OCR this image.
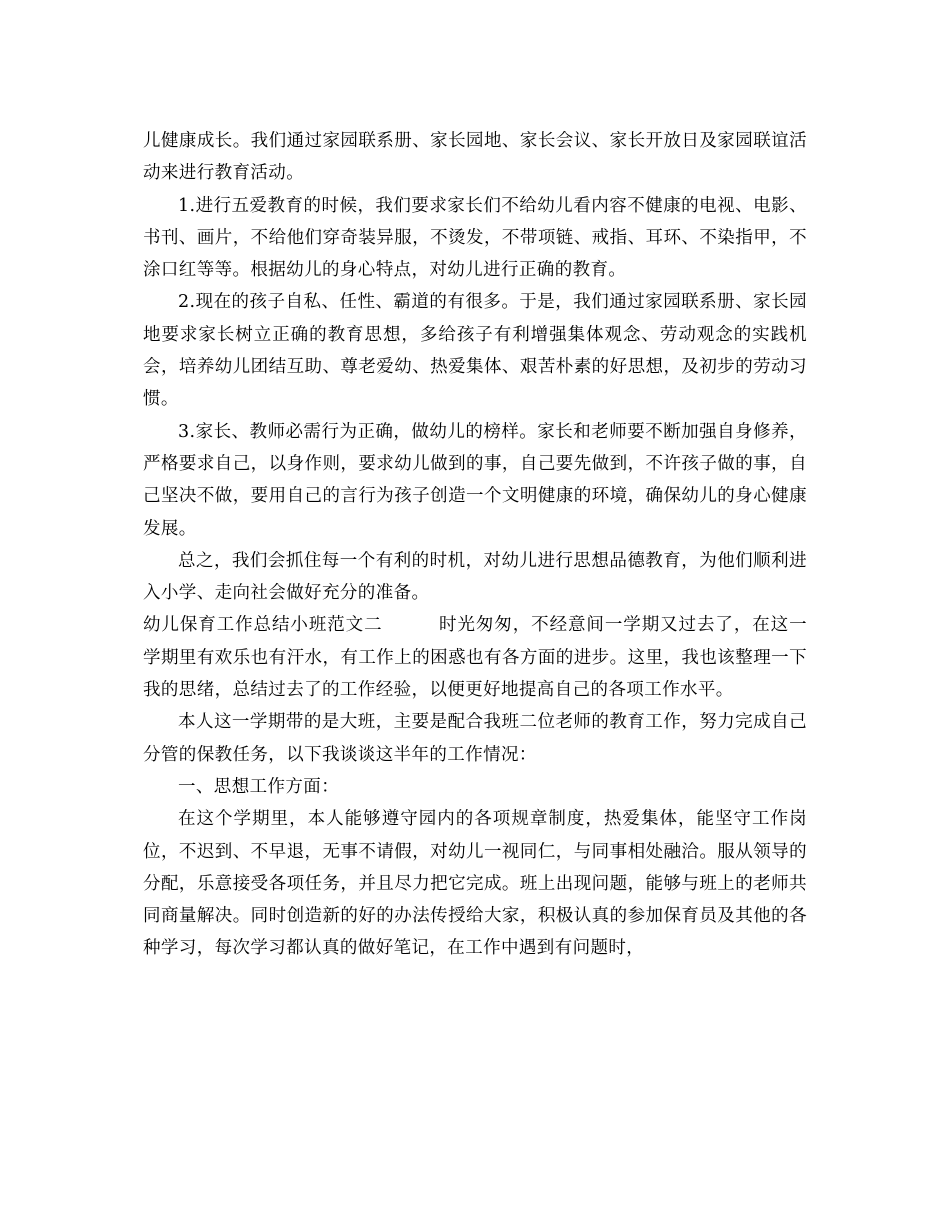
儿健康成长。我们通过家园联系册、家长园地、家长会议、家长开放日及家园联谊活动来进行教育活动。

1.进行五爱教育的时候，我们要求家长们不给幼儿看内容不健康的电视、电影、书刊、画片，不给他们穿奇装异服，不烫发，不带项链、戒指、耳环、不染指甲，不涂口红等等。根据幼儿的身心特点，对幼儿进行正确的教育。

2.现在的孩子自私、任性、霸道的有很多。于是，我们通过家园联系册、家长园地要求家长树立正确的教育思想，多给孩子有利增强集体观念、劳动观念的实践机会，培养幼儿团结互助、尊老爱幼、热爱集体、艰苦朴素的好思想，及初步的劳动习惯。

3.家长、教师必需行为正确，做幼儿的榜样。家长和老师要不断加强自身修养，严格要求自己，以身作则，要求幼儿做到的事，自己要先做到，不许孩子做的事，自己坚决不做，要用自己的言行为孩子创造一个文明健康的环境，确保幼儿的身心健康发展。

总之，我们会抓住每一个有利的时机，对幼儿进行思想品德教育，为他们顺利进入小学、走向社会做好充分的准备。

幼儿保育工作总结小班范文二	时光匆匆，不经意间一学期又过去了，在这一学期里有欢乐也有汗水，有工作上的困惑也有各方面的进步。这里，我也该整理一下我的思绪，总结过去了的工作经验，以便更好地提高自己的各项工作水平。

本人这一学期带的是大班，主要是配合我班二位老师的教育工作，努力完成自己分管的保教任务，以下我谈谈这半年的工作情况：

一、思想工作方面：

在这个学期里，本人能够遵守园内的各项规章制度，热爱集体，能坚守工作岗位，不迟到、不早退，无事不请假，对幼儿一视同仁，与同事相处融洽。服从领导的分配，乐意接受各项任务，并且尽力把它完成。班上出现问题，能够与班上的老师共同商量解决。同时创造新的好的办法传授给大家，积极认真的参加保育员及其他的各种学习，每次学习都认真的做好笔记，在工作中遇到有问题时，
